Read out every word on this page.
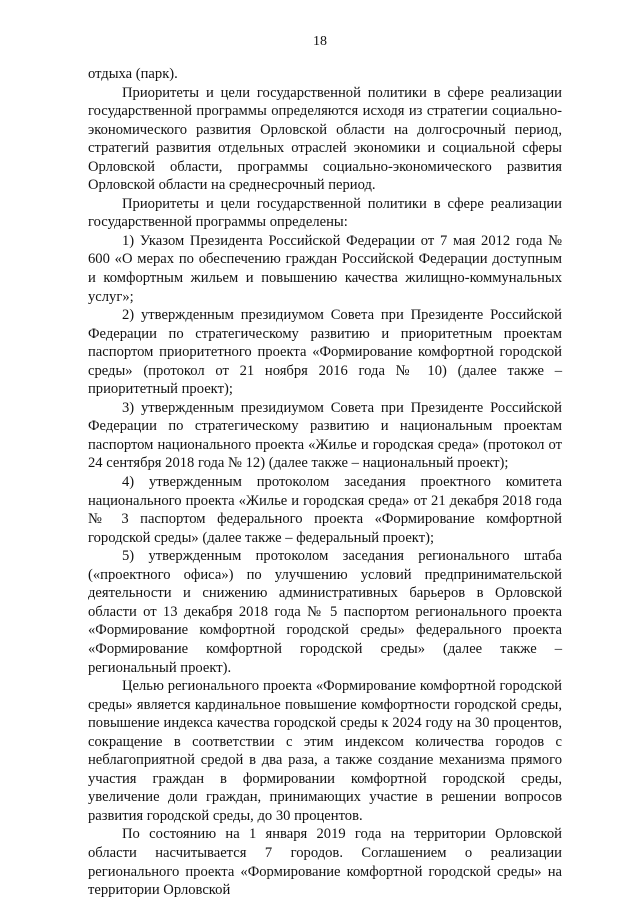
18

отдыха (парк).

Приоритеты и цели государственной политики в сфере реализации государственной программы определяются исходя из стратегии социально-экономического развития Орловской области на долгосрочный период, стратегий развития отдельных отраслей экономики и социальной сферы Орловской области, программы социально-экономического развития Орловской области на среднесрочный период.

Приоритеты и цели государственной политики в сфере реализации государственной программы определены:

1) Указом Президента Российской Федерации от 7 мая 2012 года № 600 «О мерах по обеспечению граждан Российской Федерации доступным и комфортным жильем и повышению качества жилищно-коммунальных услуг»;

2) утвержденным президиумом Совета при Президенте Российской Федерации по стратегическому развитию и приоритетным проектам паспортом приоритетного проекта «Формирование комфортной городской среды» (протокол от 21 ноября 2016 года № 10) (далее также – приоритетный проект);

3) утвержденным президиумом Совета при Президенте Российской Федерации по стратегическому развитию и национальным проектам паспортом национального проекта «Жилье и городская среда» (протокол от 24 сентября 2018 года № 12) (далее также – национальный проект);

4) утвержденным протоколом заседания проектного комитета национального проекта «Жилье и городская среда» от 21 декабря 2018 года № 3 паспортом федерального проекта «Формирование комфортной городской среды» (далее также – федеральный проект);

5) утвержденным протоколом заседания регионального штаба («проектного офиса») по улучшению условий предпринимательской деятельности и снижению административных барьеров в Орловской области от 13 декабря 2018 года № 5 паспортом регионального проекта «Формирование комфортной городской среды» федерального проекта «Формирование комфортной городской среды» (далее также – региональный проект).

Целью регионального проекта «Формирование комфортной городской среды» является кардинальное повышение комфортности городской среды, повышение индекса качества городской среды к 2024 году на 30 процентов, сокращение в соответствии с этим индексом количества городов с неблагоприятной средой в два раза, а также создание механизма прямого участия граждан в формировании комфортной городской среды, увеличение доли граждан, принимающих участие в решении вопросов развития городской среды, до 30 процентов.

По состоянию на 1 января 2019 года на территории Орловской области насчитывается 7 городов. Соглашением о реализации регионального проекта «Формирование комфортной городской среды» на территории Орловской
